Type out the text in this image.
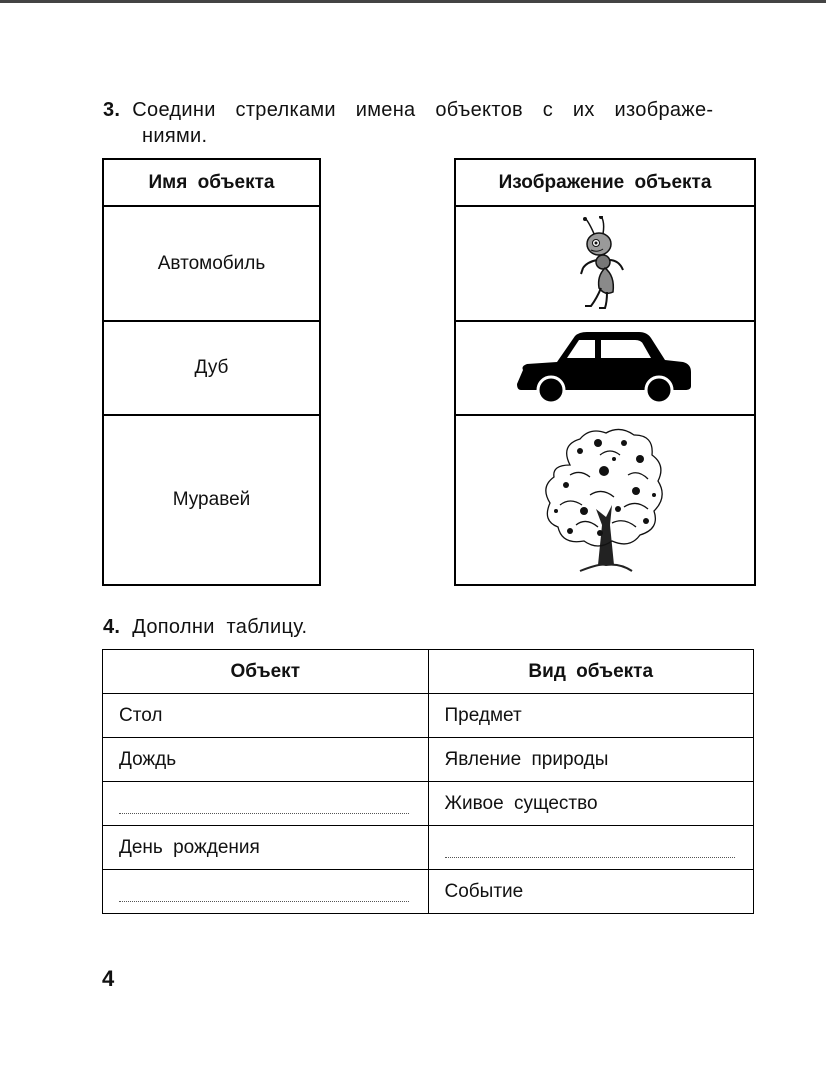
3. Соедини стрелками имена объектов с их изображе-
ниями.
Имя объекта
Автомобиль
Дуб
Муравей
Изображение объекта
4. Дополни таблицу.
Объект	Вид объекта
Стол	Предмет
Дождь	Явление природы

	Живое существо
День рождения	

	Событие
4
